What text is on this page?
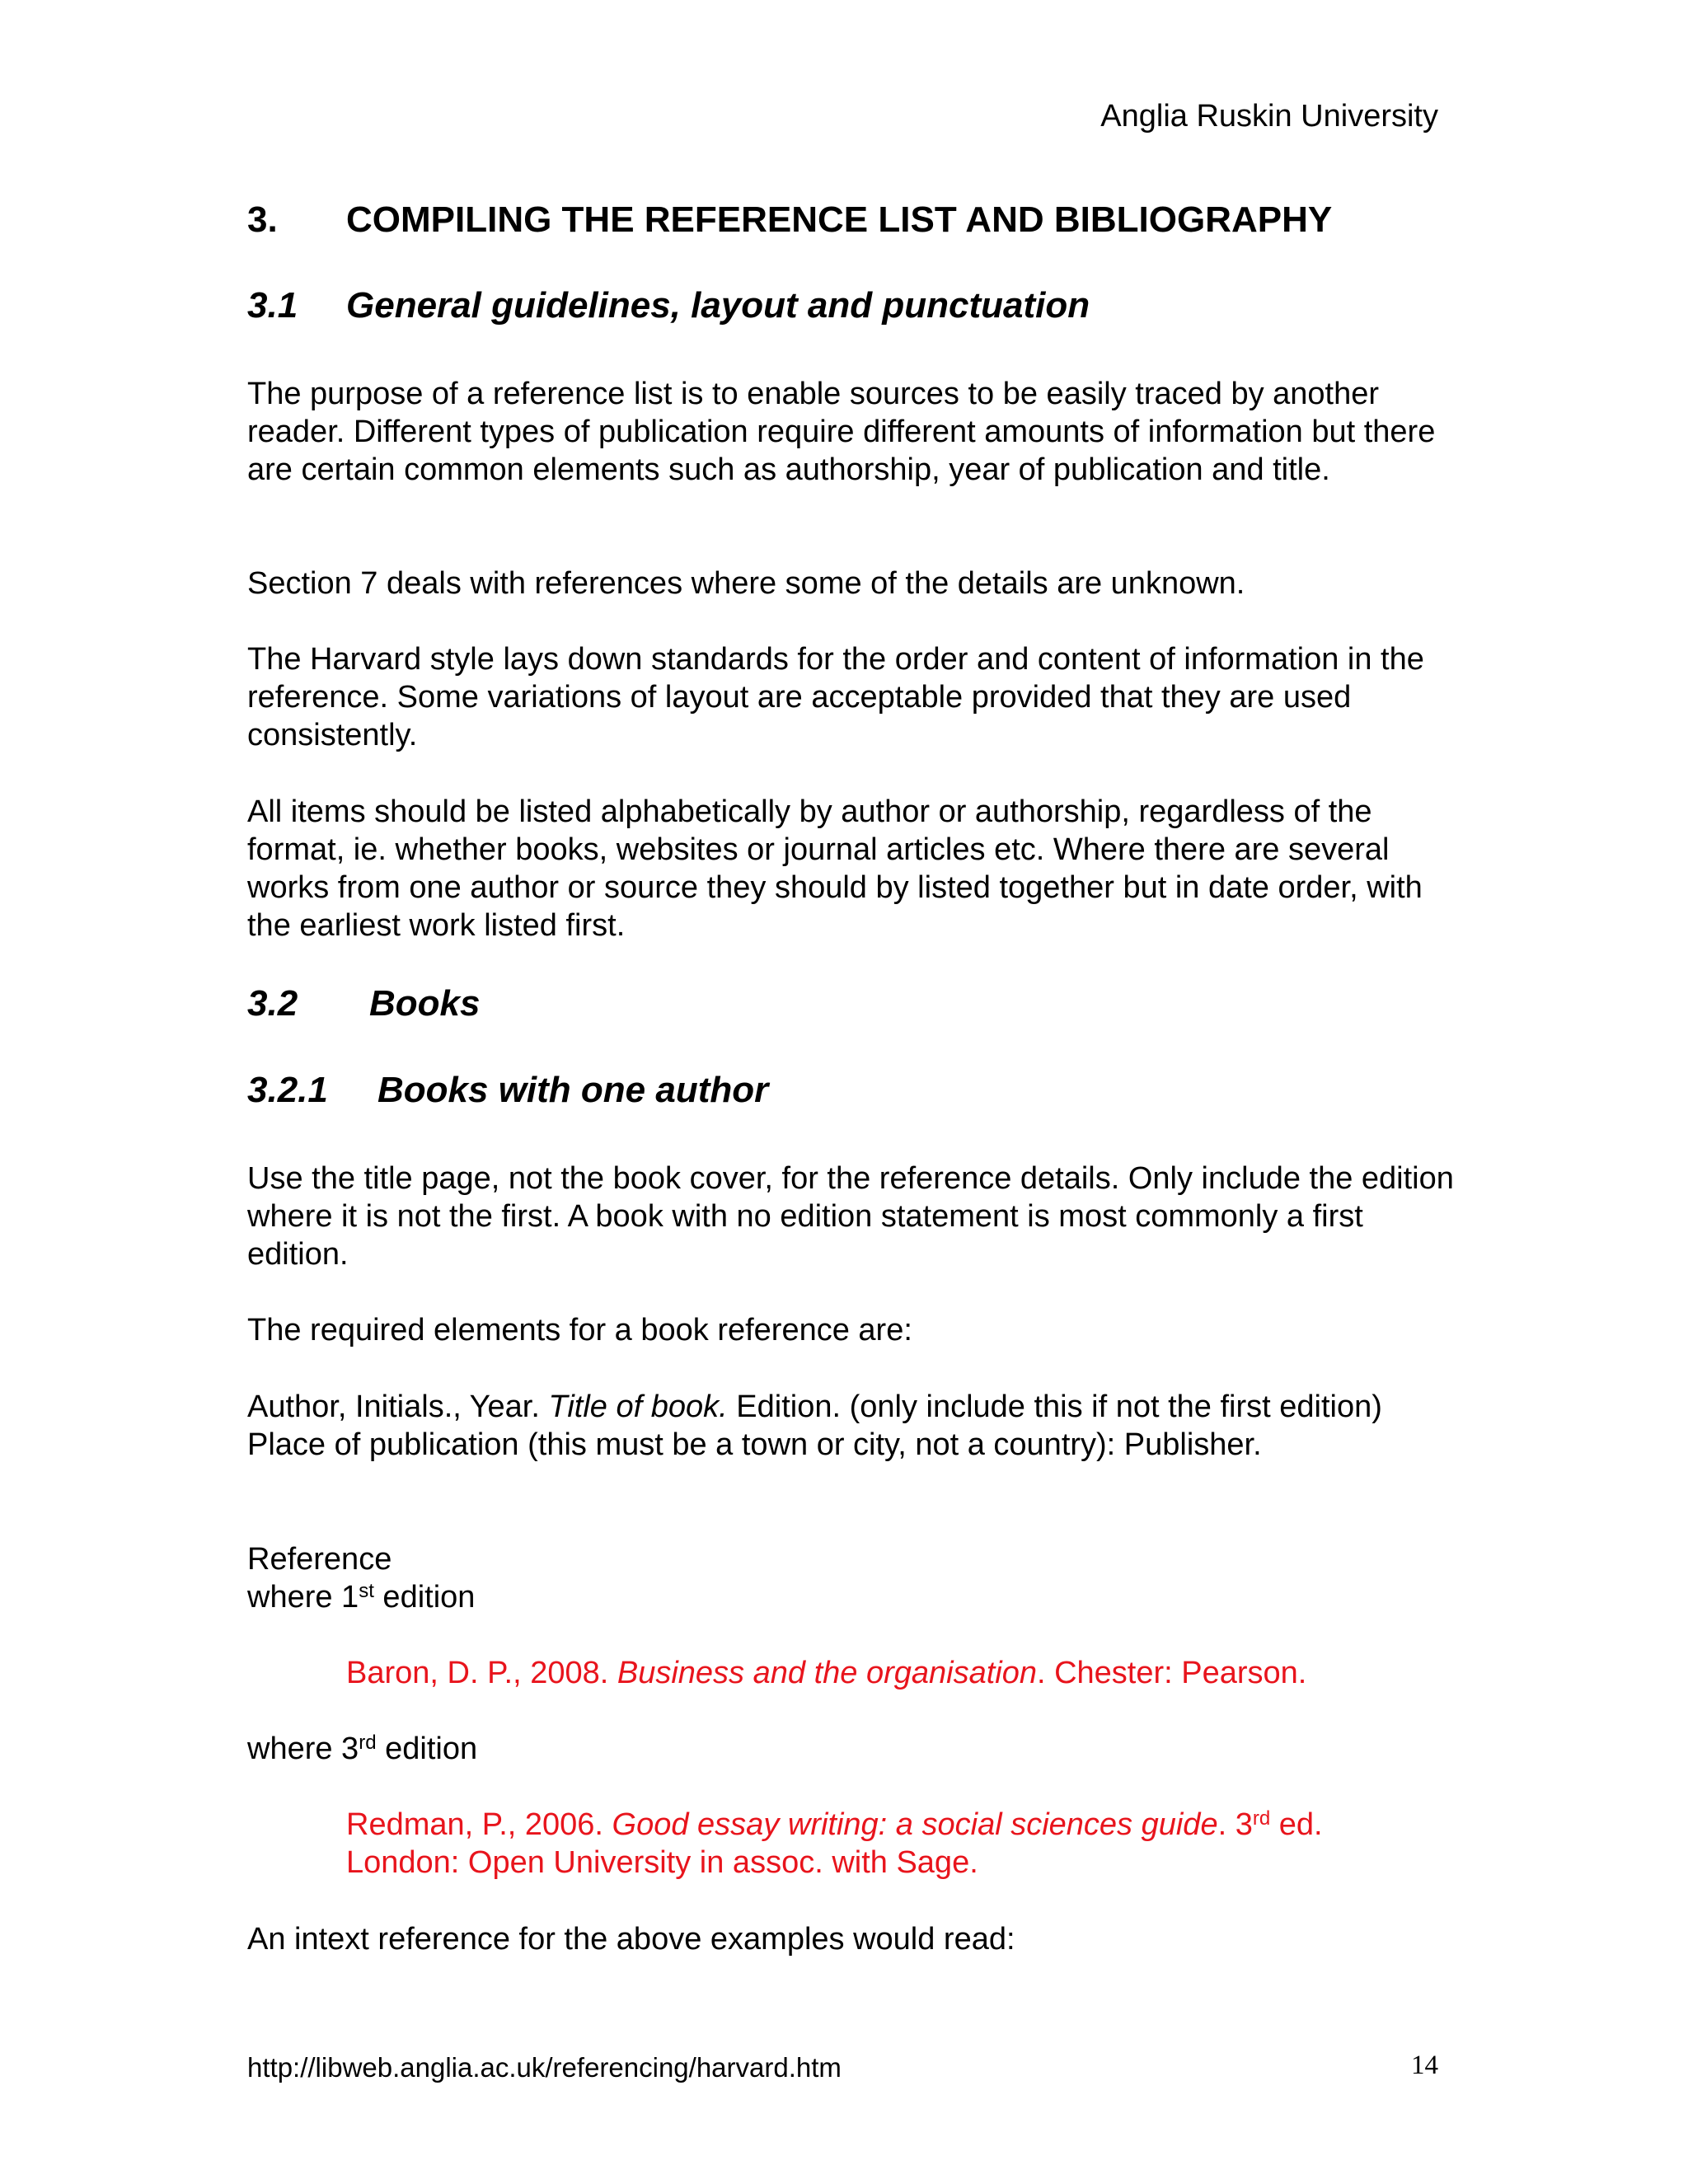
Anglia Ruskin University
3. COMPILING THE REFERENCE LIST AND BIBLIOGRAPHY
3.1 General guidelines, layout and punctuation

The purpose of a reference list is to enable sources to be easily traced by another reader. Different types of publication require different amounts of information but there are certain common elements such as authorship, year of publication and title.

Section 7 deals with references where some of the details are unknown.

The Harvard style lays down standards for the order and content of information in the reference. Some variations of layout are acceptable provided that they are used consistently.

All items should be listed alphabetically by author or authorship, regardless of the format, ie. whether books, websites or journal articles etc. Where there are several works from one author or source they should by listed together but in date order, with the earliest work listed first.

3.2 Books
3.2.1 Books with one author

Use the title page, not the book cover, for the reference details. Only include the edition where it is not the first. A book with no edition statement is most commonly a first edition.

The required elements for a book reference are:

Author, Initials., Year. Title of book. Edition. (only include this if not the first edition) Place of publication (this must be a town or city, not a country): Publisher.

Reference

where 1st edition

Baron, D. P., 2008. Business and the organisation. Chester: Pearson.

where 3rd edition

Redman, P., 2006. Good essay writing: a social sciences guide. 3rd ed.
London: Open University in assoc. with Sage.

An intext reference for the above examples would read:

http://libweb.anglia.ac.uk/referencing/harvard.htm	14
